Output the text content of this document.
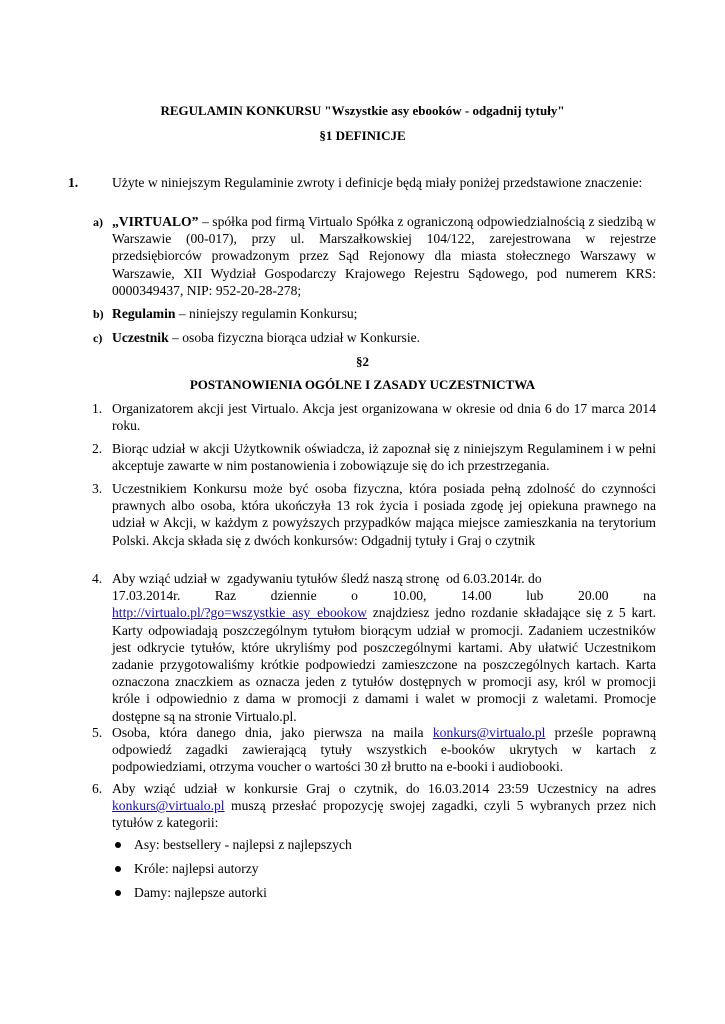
REGULAMIN KONKURSU "Wszystkie asy ebooków - odgadnij tytuły"
§1 DEFINICJE
1.	Użyte w niniejszym Regulaminie zwroty i definicje będą miały poniżej przedstawione znaczenie:
a) „VIRTUALO” – spółka pod firmą Virtualo Spółka z ograniczoną odpowiedzialnością z siedzibą w Warszawie (00-017), przy ul. Marszałkowskiej 104/122, zarejestrowana w rejestrze przedsiębiorców prowadzonym przez Sąd Rejonowy dla miasta stołecznego Warszawy w Warszawie, XII Wydział Gospodarczy Krajowego Rejestru Sądowego, pod numerem KRS: 0000349437, NIP: 952-20-28-278;
b) Regulamin – niniejszy regulamin Konkursu;
c) Uczestnik – osoba fizyczna biorąca udział w Konkursie.
§2
POSTANOWIENIA OGÓLNE I ZASADY UCZESTNICTWA
1. Organizatorem akcji jest Virtualo. Akcja jest organizowana w okresie od dnia 6 do 17 marca 2014 roku.
2. Biorąc udział w akcji Użytkownik oświadcza, iż zapoznał się z niniejszym Regulaminem i w pełni akceptuje zawarte w nim postanowienia i zobowiązuje się do ich przestrzegania.
3. Uczestnikiem Konkursu może być osoba fizyczna, która posiada pełną zdolność do czynności prawnych albo osoba, która ukończyła 13 rok życia i posiada zgodę jej opiekuna prawnego na udział w Akcji, w każdym z powyższych przypadków mająca miejsce zamieszkania na terytorium Polski. Akcja składa się z dwóch konkursów: Odgadnij tytuły i Graj o czytnik
4. Aby wziąć udział w  zgadywaniu tytułów śledź naszą stronę  od 6.03.2014r. do
17.03.2014r.	Raz	dziennie	o	10.00,	14.00	lub	20.00	na
http://virtualo.pl/?go=wszystkie_asy_ebookow znajdziesz jedno rozdanie składające się z 5 kart. Karty odpowiadają poszczególnym tytułom biorącym udział w promocji. Zadaniem uczestników jest odkrycie tytułów, które ukryliśmy pod poszczególnymi kartami. Aby ułatwić Uczestnikom zadanie przygotowaliśmy krótkie podpowiedzi zamieszczone na poszczególnych kartach. Karta oznaczona znaczkiem as oznacza jeden z tytułów dostępnych w promocji asy, król w promocji króle i odpowiednio z dama w promocji z damami i walet w promocji z waletami. Promocje dostępne są na stronie Virtualo.pl.
5. Osoba, która danego dnia, jako pierwsza na maila konkurs@virtualo.pl prześle poprawną odpowiedź zagadki zawierającą tytuły wszystkich e-booków ukrytych w kartach z podpowiedziami, otrzyma voucher o wartości 30 zł brutto na e-booki i audiobooki.
6. Aby wziąć udział w konkursie Graj o czytnik, do 16.03.2014 23:59 Uczestnicy na adres konkurs@virtualo.pl muszą przesłać propozycję swojej zagadki, czyli 5 wybranych przez nich tytułów z kategorii:
Asy: bestsellery - najlepsi z najlepszych
Króle: najlepsi autorzy
Damy: najlepsze autorki
